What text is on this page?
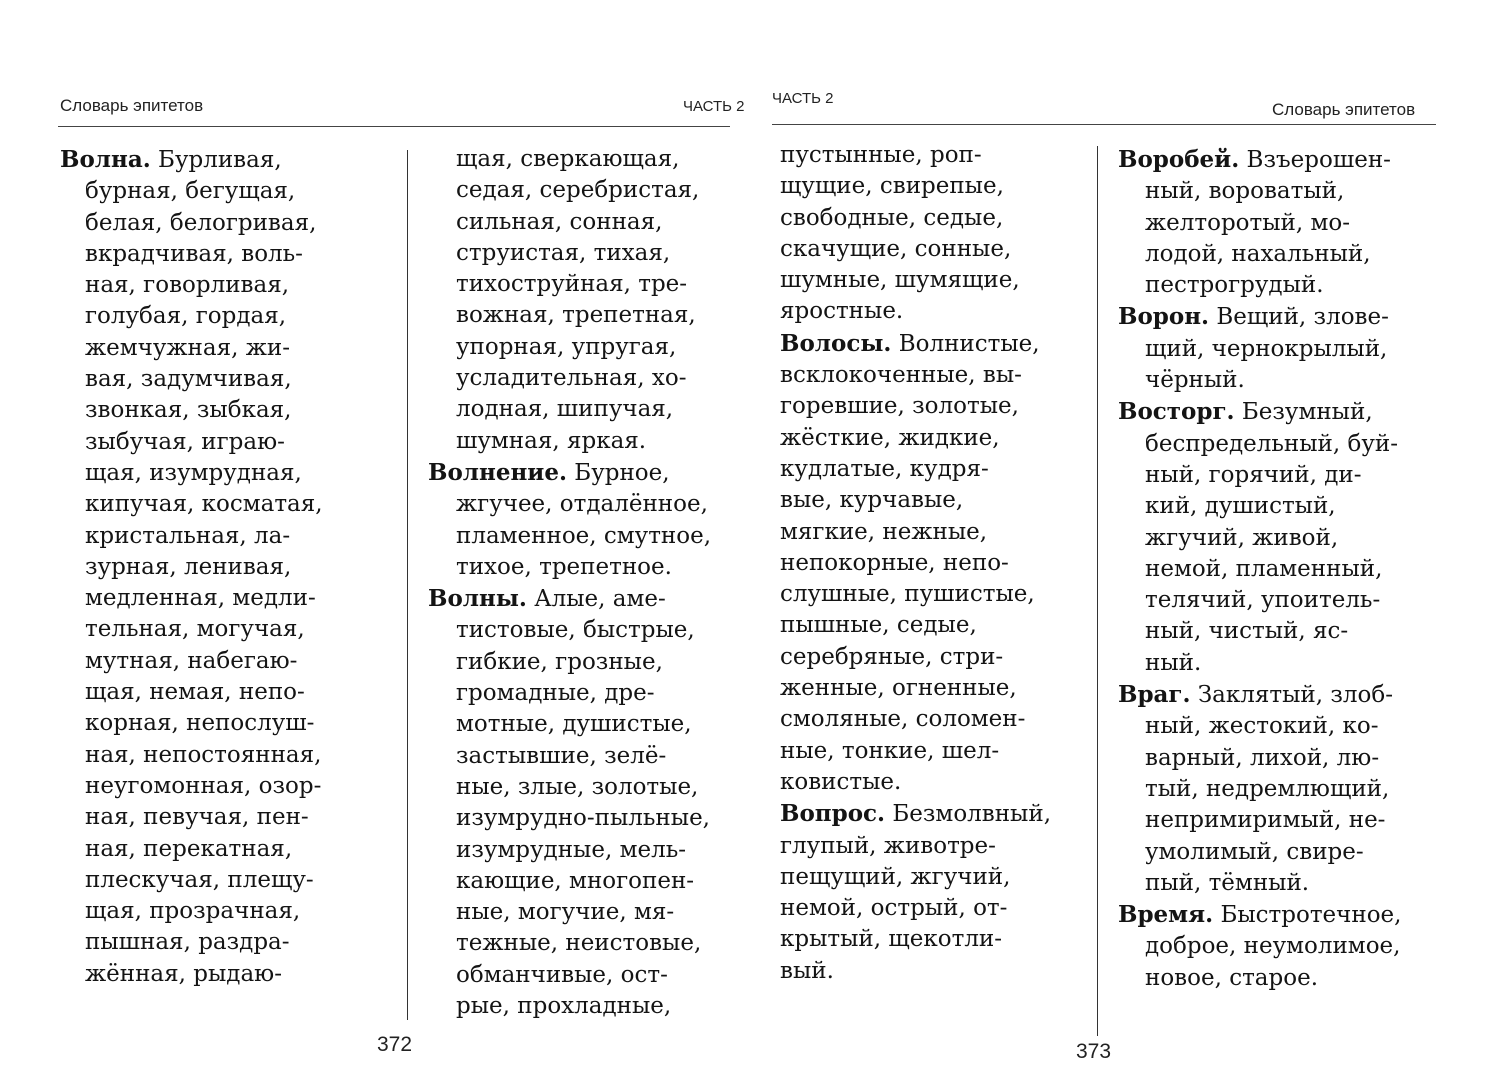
Словарь эпитетов	ЧАСТЬ 2
Волна. Бурливая,
бурная, бегущая,
белая, белогривая,
вкрадчивая, воль-
ная, говорливая,
голубая, гордая,
жемчужная, жи-
вая, задумчивая,
звонкая, зыбкая,
зыбучая, играю-
щая, изумрудная,
кипучая, косматая,
кристальная, ла-
зурная, ленивая,
медленная, медли-
тельная, могучая,
мутная, набегаю-
щая, немая, непо-
корная, непослуш-
ная, непостоянная,
неугомонная, озор-
ная, певучая, пен-
ная, перекатная,
плескучая, плещу-
щая, прозрачная,
пышная, раздра-
жённая, рыдаю-
щая, сверкающая,
седая, серебристая,
сильная, сонная,
струистая, тихая,
тихоструйная, тре-
вожная, трепетная,
упорная, упругая,
усладительная, хо-
лодная, шипучая,
шумная, яркая.
Волнение. Бурное,
жгучее, отдалённое,
пламенное, смутное,
тихое, трепетное.
Волны. Алые, аме-
тистовые, быстрые,
гибкие, грозные,
громадные, дре-
мотные, душистые,
застывшие, зелё-
ные, злые, золотые,
изумрудно-пыльные,
изумрудные, мель-
кающие, многопен-
ные, могучие, мя-
тежные, неистовые,
обманчивые, ост-
рые, прохладные,
372
ЧАСТЬ 2
Словарь эпитетов
пустынные, роп-
щущие, свирепые,
свободные, седые,
скачущие, сонные,
шумные, шумящие,
яростные.
Волосы. Волнистые,
всклокоченные, вы-
горевшие, золотые,
жёсткие, жидкие,
кудлатые, кудря-
вые, курчавые,
мягкие, нежные,
непокорные, непо-
слушные, пушистые,
пышные, седые,
серебряные, стри-
женные, огненные,
смоляные, соломен-
ные, тонкие, шел-
ковистые.
Вопрос. Безмолвный,
глупый, животре-
пещущий, жгучий,
немой, острый, от-
крытый, щекотли-
вый.
Воробей. Взъерошен-
ный, вороватый,
желторотый, мо-
лодой, нахальный,
пестрогрудый.
Ворон. Вещий, злове-
щий, чернокрылый,
чёрный.
Восторг. Безумный,
беспредельный, буй-
ный, горячий, ди-
кий, душистый,
жгучий, живой,
немой, пламенный,
телячий, упоитель-
ный, чистый, яс-
ный.
Враг. Заклятый, злоб-
ный, жестокий, ко-
варный, лихой, лю-
тый, недремлющий,
непримиримый, не-
умолимый, свире-
пый, тёмный.
Время. Быстротечное,
доброе, неумолимое,
новое, старое.
373
